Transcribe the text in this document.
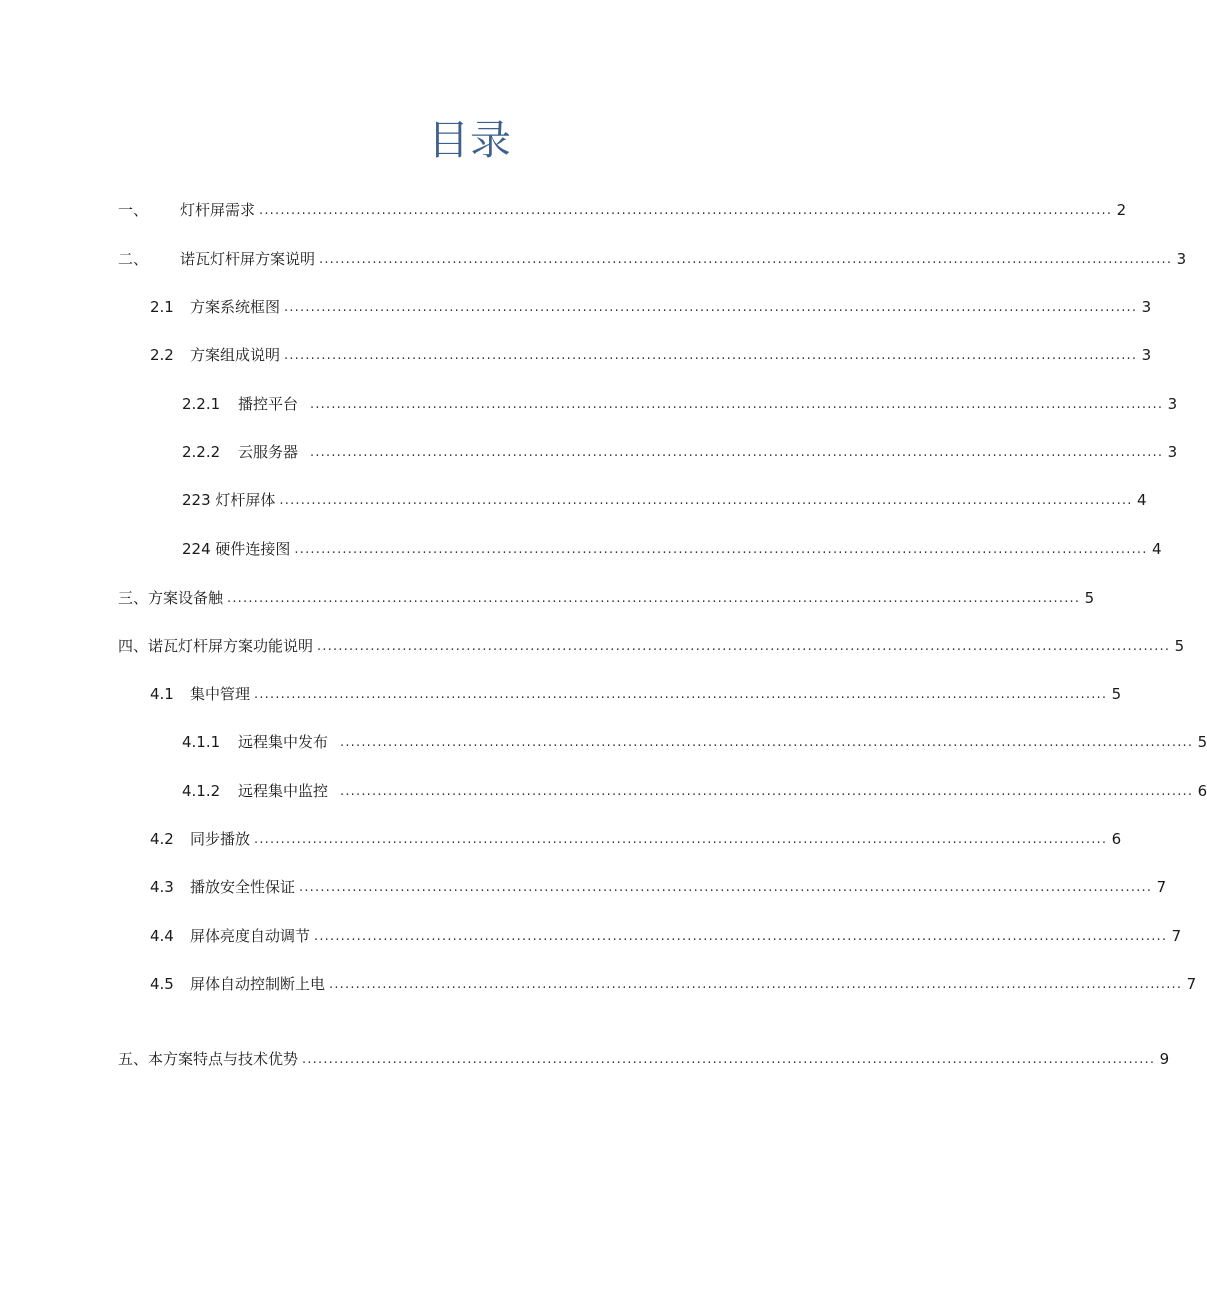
目录
一、	灯杆屏需求 ................................................................................................................................................................ 2
二、	诺瓦灯杆屏方案说明 ................................................................................................................................................................ 3
2.1	方案系统框图 ................................................................................................................................................................ 3
2.2	方案组成说明 ................................................................................................................................................................ 3
2.2.1	播控平台 ................................................................................................................................................................ 3
2.2.2	云服务器 ................................................................................................................................................................ 3
223 灯杆屏体 ................................................................................................................................................................ 4
224 硬件连接图 ................................................................................................................................................................ 4
三、方案设备触 ................................................................................................................................................................ 5
四、诺瓦灯杆屏方案功能说明 ................................................................................................................................................................ 5
4.1	集中管理 ................................................................................................................................................................ 5
4.1.1	远程集中发布 ................................................................................................................................................................ 5
4.1.2	远程集中监控 ................................................................................................................................................................ 6
4.2	同步播放 ................................................................................................................................................................ 6
4.3	播放安全性保证 ................................................................................................................................................................ 7
4.4	屏体亮度自动调节 ................................................................................................................................................................ 7
4.5	屏体自动控制断上电 ................................................................................................................................................................ 7
五、本方案特点与技术优势 ................................................................................................................................................................ 9
